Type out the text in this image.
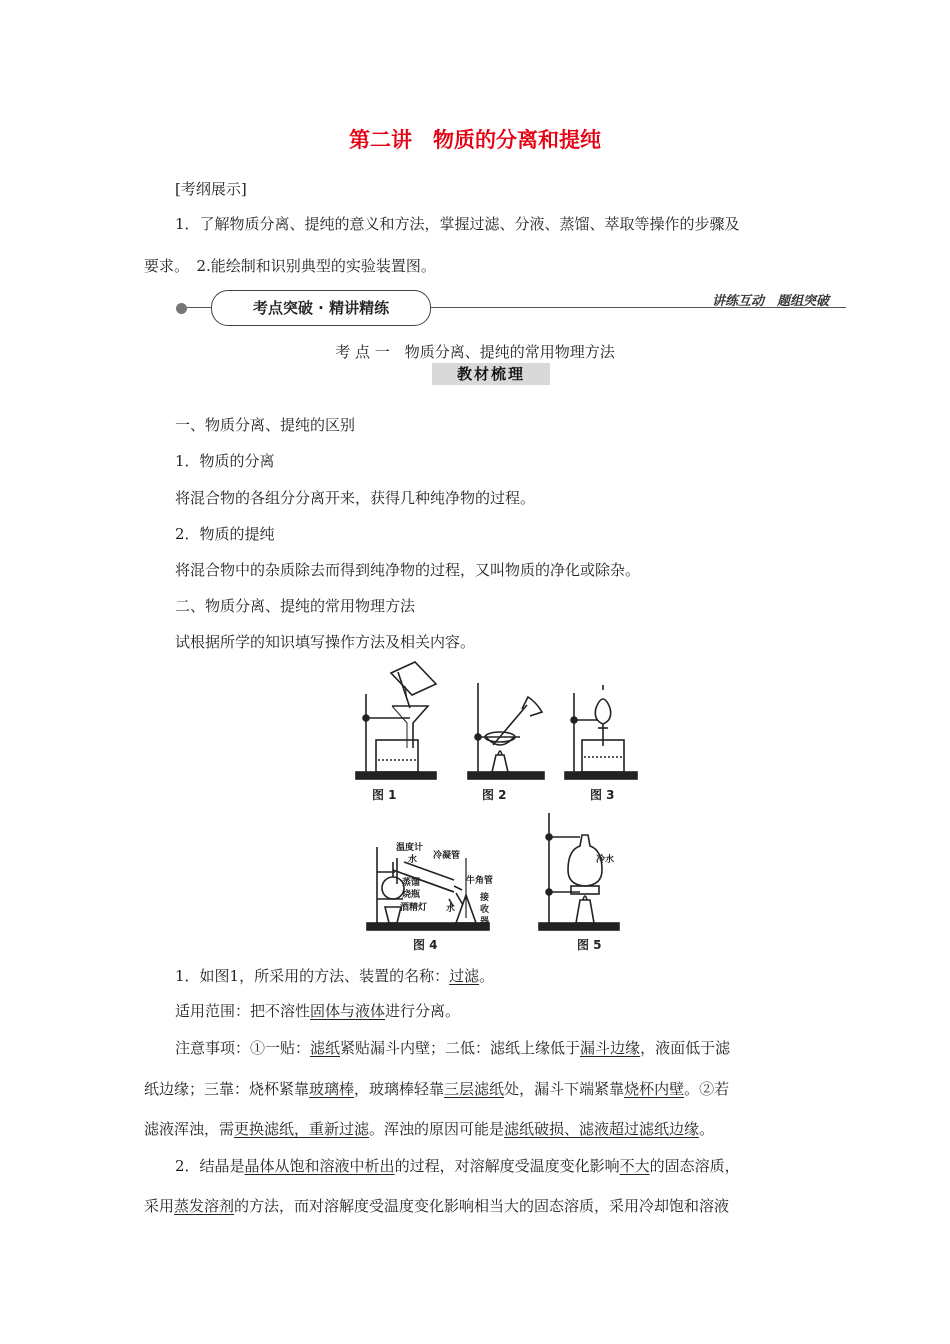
第二讲　物质的分离和提纯
[考纲展示]
1．了解物质分离、提纯的意义和方法，掌握过滤、分液、蒸馏、萃取等操作的步骤及
要求。　2.能绘制和识别典型的实验装置图。
考点突破 · 精讲精练	讲练互动　题组突破
考 点 一　物质分离、提纯的常用物理方法
教材梳理
一、物质分离、提纯的区别
1．物质的分离
将混合物的各组分分离开来，获得几种纯净物的过程。
2．物质的提纯
将混合物中的杂质除去而得到纯净物的过程，又叫物质的净化或除杂。
二、物质分离、提纯的常用物理方法
试根据所学的知识填写操作方法及相关内容。
温度计
水 冷凝管
蒸馏
烧瓶
酒精灯
牛角管
水
接
收
器
冷水
图 1	图 2	图 3
图 4	图 5
1．如图1，所采用的方法、装置的名称：过滤。
适用范围：把不溶性固体与液体进行分离。
注意事项：①一贴：滤纸紧贴漏斗内壁；二低：滤纸上缘低于漏斗边缘，液面低于滤
纸边缘；三靠：烧杯紧靠玻璃棒，玻璃棒轻靠三层滤纸处，漏斗下端紧靠烧杯内壁。②若
滤液浑浊，需更换滤纸，重新过滤。浑浊的原因可能是滤纸破损、滤液超过滤纸边缘。
2．结晶是晶体从饱和溶液中析出的过程，对溶解度受温度变化影响不大的固态溶质，
采用蒸发溶剂的方法，而对溶解度受温度变化影响相当大的固态溶质，采用冷却饱和溶液
